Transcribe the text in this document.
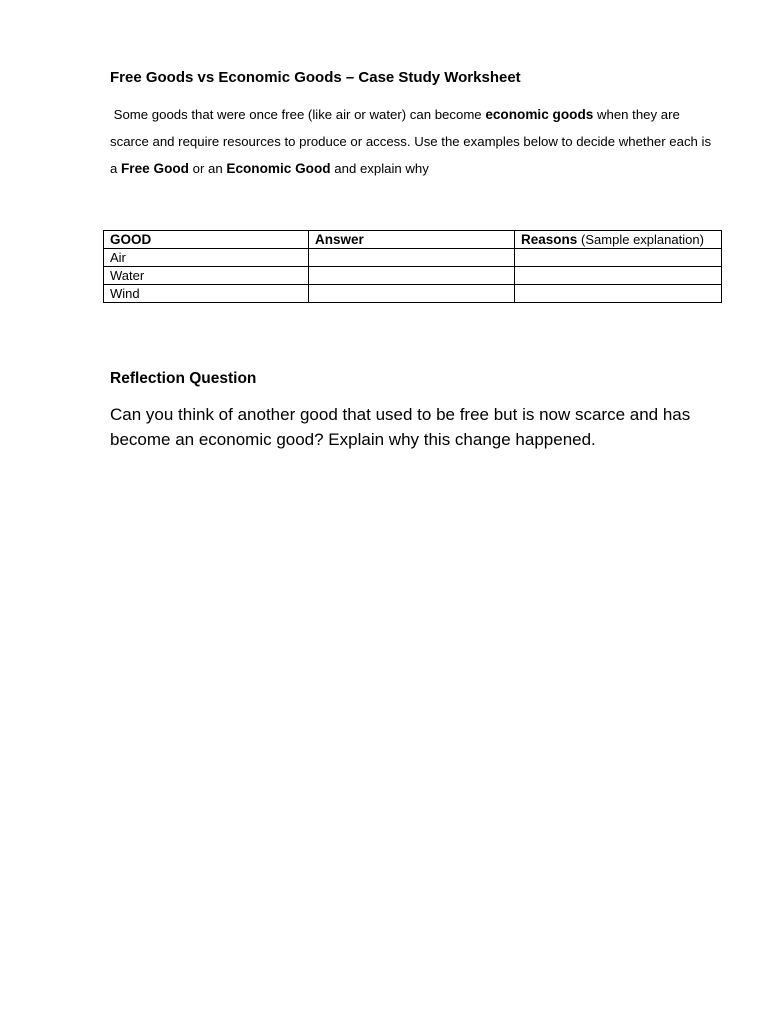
Free Goods vs Economic Goods – Case Study Worksheet
Some goods that were once free (like air or water) can become economic goods when they are scarce and require resources to produce or access. Use the examples below to decide whether each is a Free Good or an Economic Good and explain why
GOOD	Answer	Reasons (Sample explanation)
Air		
Water		
Wind		
Reflection Question
Can you think of another good that used to be free but is now scarce and has become an economic good? Explain why this change happened.
